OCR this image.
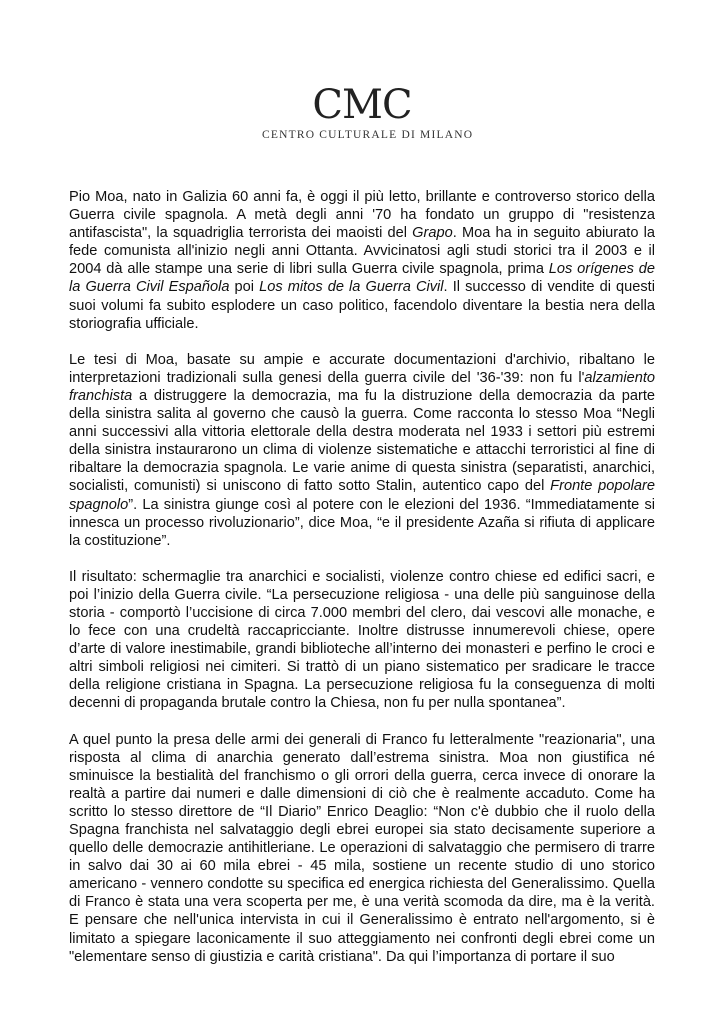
CMC
CENTRO CULTURALE DI MILANO

Pio Moa, nato in Galizia 60 anni fa, è oggi il più letto, brillante e controverso storico della Guerra civile spagnola. A metà degli anni '70 ha fondato un gruppo di "resistenza antifascista", la squadriglia terrorista dei maoisti del Grapo. Moa ha in seguito abiurato la fede comunista all'inizio negli anni Ottanta. Avvicinatosi agli studi storici tra il 2003 e il 2004 dà alle stampe una serie di libri sulla Guerra civile spagnola, prima Los orígenes de la Guerra Civil Española poi Los mitos de la Guerra Civil. Il successo di vendite di questi suoi volumi fa subito esplodere un caso politico, facendolo diventare la bestia nera della storiografia ufficiale.

Le tesi di Moa, basate su ampie e accurate documentazioni d'archivio, ribaltano le interpretazioni tradizionali sulla genesi della guerra civile del '36-'39: non fu l'alzamiento franchista a distruggere la democrazia, ma fu la distruzione della democrazia da parte della sinistra salita al governo che causò la guerra. Come racconta lo stesso Moa “Negli anni successivi alla vittoria elettorale della destra moderata nel 1933 i settori più estremi della sinistra instaurarono un clima di violenze sistematiche e attacchi terroristici al fine di ribaltare la democrazia spagnola. Le varie anime di questa sinistra (separatisti, anarchici, socialisti, comunisti) si uniscono di fatto sotto Stalin, autentico capo del Fronte popolare spagnolo”. La sinistra giunge così al potere con le elezioni del 1936. “Immediatamente si innesca un processo rivoluzionario”, dice Moa, “e il presidente Azaña si rifiuta di applicare la costituzione”.

Il risultato: schermaglie tra anarchici e socialisti, violenze contro chiese ed edifici sacri, e poi l’inizio della Guerra civile. “La persecuzione religiosa - una delle più sanguinose della storia - comportò l’uccisione di circa 7.000 membri del clero, dai vescovi alle monache, e lo fece con una crudeltà raccapricciante. Inoltre distrusse innumerevoli chiese, opere d’arte di valore inestimabile, grandi biblioteche all’interno dei monasteri e perfino le croci e altri simboli religiosi nei cimiteri. Si trattò di un piano sistematico per sradicare le tracce della religione cristiana in Spagna. La persecuzione religiosa fu la conseguenza di molti decenni di propaganda brutale contro la Chiesa, non fu per nulla spontanea”.

A quel punto la presa delle armi dei generali di Franco fu letteralmente "reazionaria", una risposta al clima di anarchia generato dall’estrema sinistra. Moa non giustifica né sminuisce la bestialità del franchismo o gli orrori della guerra, cerca invece di onorare la realtà a partire dai numeri e dalle dimensioni di ciò che è realmente accaduto. Come ha scritto lo stesso direttore de “Il Diario” Enrico Deaglio: “Non c'è dubbio che il ruolo della Spagna franchista nel salvataggio degli ebrei europei sia stato decisamente superiore a quello delle democrazie antihitleriane. Le operazioni di salvataggio che permisero di trarre in salvo dai 30 ai 60 mila ebrei - 45 mila, sostiene un recente studio di uno storico americano - vennero condotte su specifica ed energica richiesta del Generalissimo. Quella di Franco è stata una vera scoperta per me, è una verità scomoda da dire, ma è la verità. E pensare che nell'unica intervista in cui il Generalissimo è entrato nell'argomento, si è limitato a spiegare laconicamente il suo atteggiamento nei confronti degli ebrei come un "elementare senso di giustizia e carità cristiana". Da qui l’importanza di portare il suo
